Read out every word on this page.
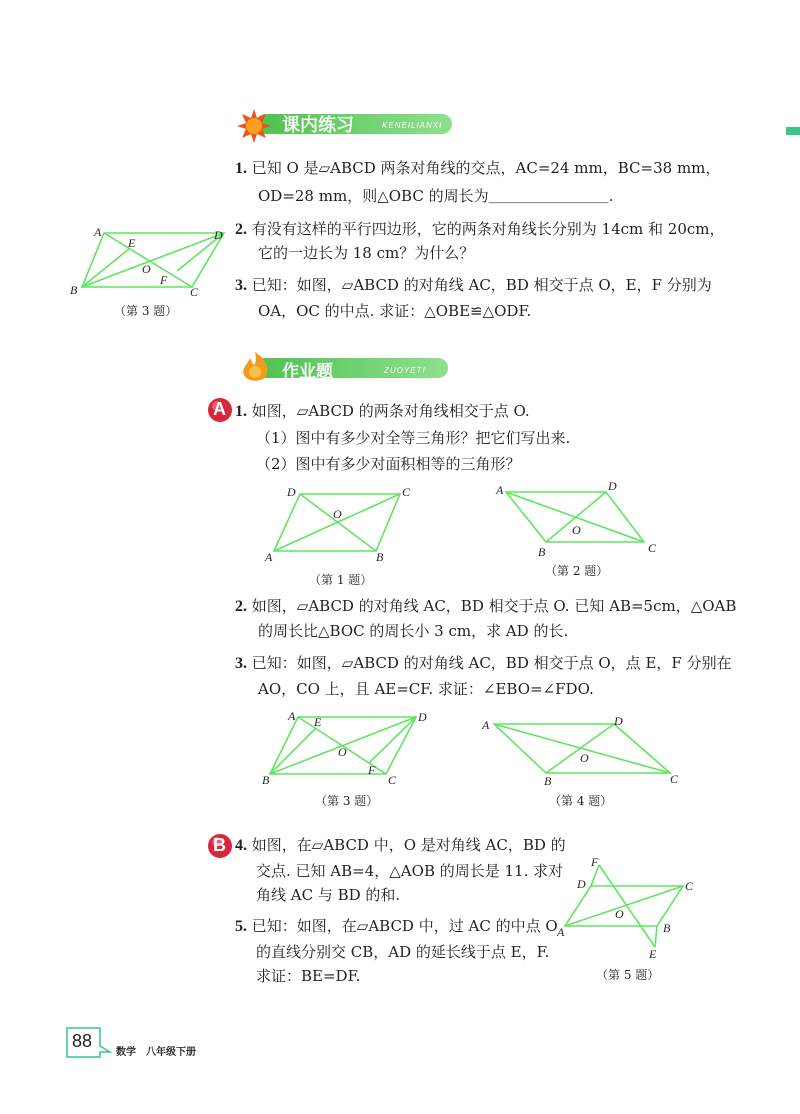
课内练习	KENEILIANXI
1. 已知 O 是▱ABCD 两条对角线的交点，AC=24 mm，BC=38 mm，
OD=28 mm，则△OBC 的周长为＿＿＿＿＿＿＿＿.
2. 有没有这样的平行四边形，它的两条对角线长分别为 14cm 和 20cm，
它的一边长为 18 cm？为什么？
3. 已知：如图，▱ABCD 的对角线 AC，BD 相交于点 O，E，F 分别为
OA，OC 的中点. 求证：△OBE≌△ODF.
A	D
E
O
F
B	C
（第 3 题）
作业题	ZUOYETI
A 1. 如图，▱ABCD 的两条对角线相交于点 O.
（1）图中有多少对全等三角形？把它们写出来.
（2）图中有多少对面积相等的三角形？
D	C
O
A	B
（第 1 题）
A	D
O
B	C
（第 2 题）
2. 如图，▱ABCD 的对角线 AC，BD 相交于点 O. 已知 AB=5cm，△OAB
的周长比△BOC 的周长小 3 cm，求 AD 的长.
3. 已知：如图，▱ABCD 的对角线 AC，BD 相交于点 O，点 E，F 分别在
AO，CO 上，且 AE=CF. 求证：∠EBO=∠FDO.
A	D
E
O
F
B	C
（第 3 题）
A	D
O
B	C
（第 4 题）
B 4. 如图，在▱ABCD 中，O 是对角线 AC，BD 的
交点. 已知 AB=4，△AOB 的周长是 11. 求对
角线 AC 与 BD 的和.
5. 已知：如图，在▱ABCD 中，过 AC 的中点 O
的直线分别交 CB，AD 的延长线于点 E，F.
求证：BE=DF.
F
D	C
O
A	B
E
（第 5 题）
88
数学　八年级下册
